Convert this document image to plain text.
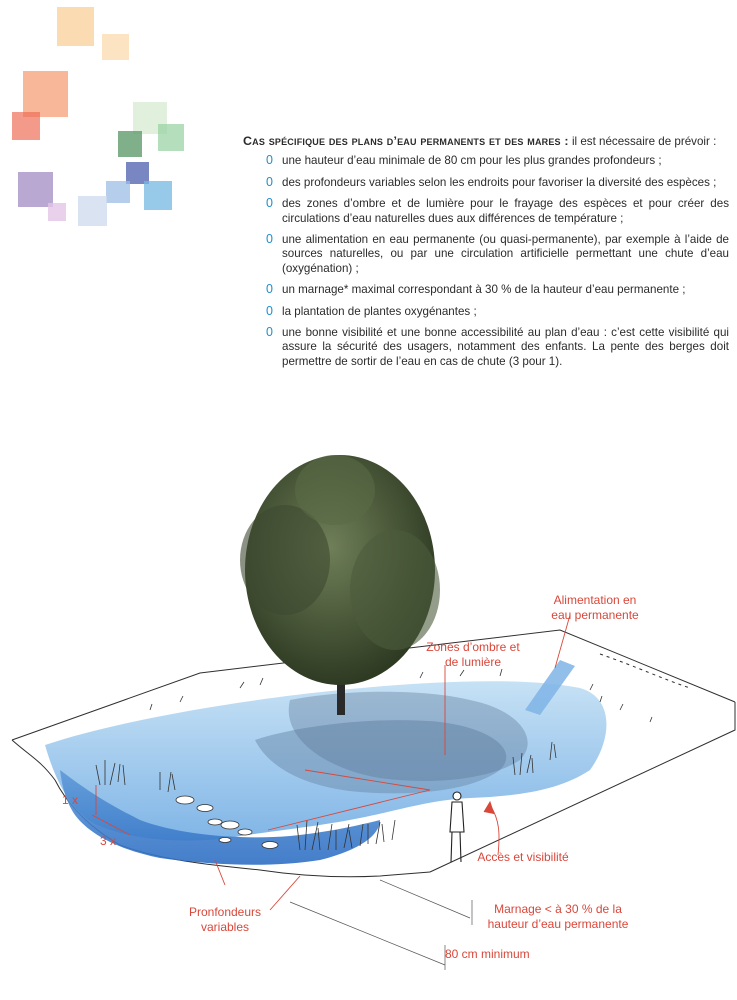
Cas spécifique des plans d’eau permanents et des mares : il est nécessaire de prévoir :

0 une hauteur d’eau minimale de 80 cm pour les plus grandes profondeurs ;
0 des profondeurs variables selon les endroits pour favoriser la diversité des espèces ;
0 des zones d’ombre et de lumière pour le frayage des espèces et pour créer des circulations d’eau naturelles dues aux différences de température ;
0 une alimentation en eau permanente (ou quasi-permanente), par exemple à l’aide de sources naturelles, ou par une circulation artificielle permettant une chute d’eau (oxygénation) ;
0 un marnage* maximal correspondant à 30 % de la hauteur d’eau permanente ;
0 la plantation de plantes oxygénantes ;
0 une bonne visibilité et une bonne accessibilité au plan d’eau : c’est cette visibilité qui assure la sécurité des usagers, notamment des enfants. La pente des berges doit permettre de sortir de l’eau en cas de chute (3 pour 1).
Alimentation en
eau permanente
Zones d’ombre et
de lumière
Accès et visibilité
1 x
3 x
Pronfondeurs
variables
Marnage < à 30 % de la
hauteur d’eau permanente
80 cm minimum
